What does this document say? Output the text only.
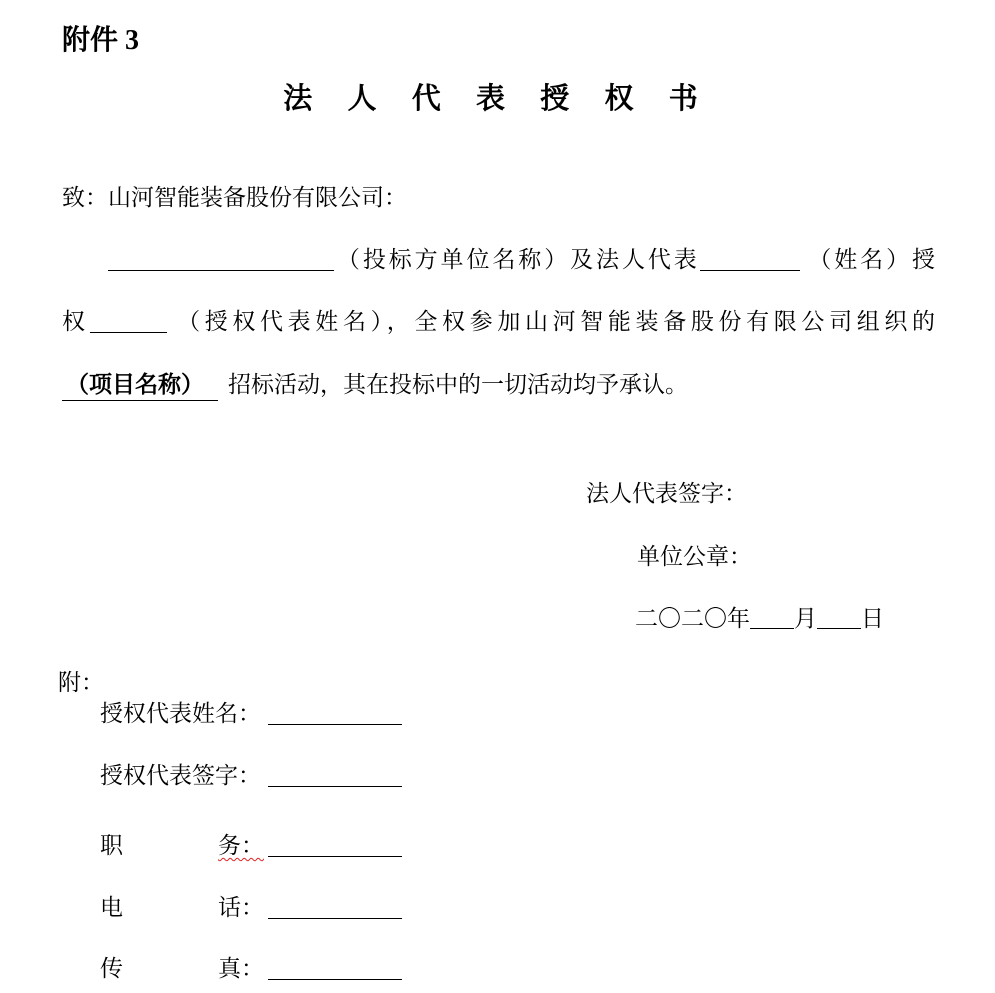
附件 3
法 人 代 表 授 权 书
致：山河智能装备股份有限公司：
（投标方单位名称）及法人代表	（姓名）授
权	（授权代表姓名），全权参加山河智能装备股份有限公司组织的
（项目名称） 招标活动，其在投标中的一切活动均予承认。
法人代表签字：
单位公章：
二〇二〇年 月 日
附：
授权代表姓名：
授权代表签字：
职	务：
电	话：
传	真：
